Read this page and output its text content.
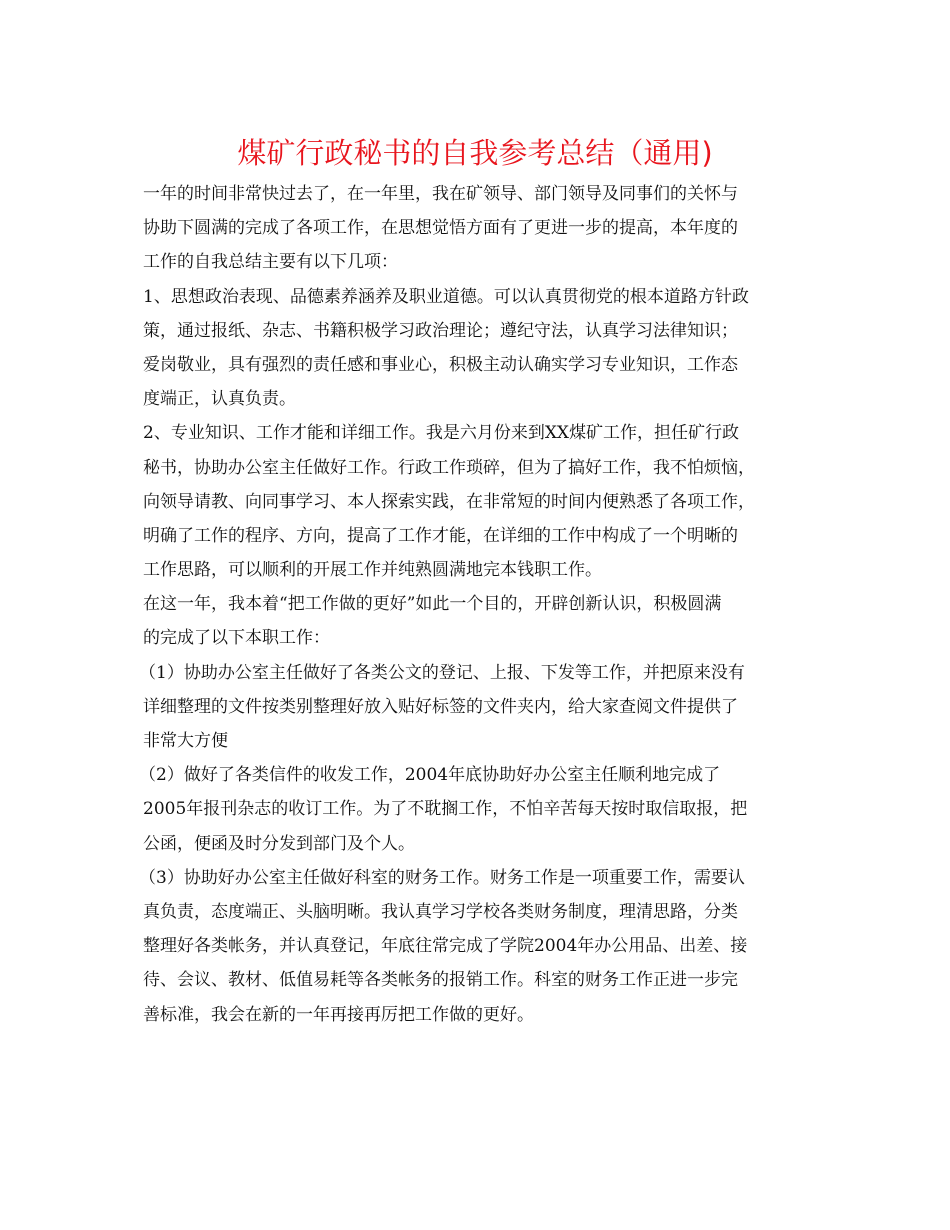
煤矿行政秘书的自我参考总结（通用)
一年的时间非常快过去了，在一年里，我在矿领导、部门领导及同事们的关怀与
协助下圆满的完成了各项工作，在思想觉悟方面有了更进一步的提高，本年度的
工作的自我总结主要有以下几项：
1、思想政治表现、品德素养涵养及职业道德。可以认真贯彻党的根本道路方针政
策，通过报纸、杂志、书籍积极学习政治理论；遵纪守法，认真学习法律知识；
爱岗敬业，具有强烈的责任感和事业心，积极主动认确实学习专业知识，工作态
度端正，认真负责。
2、专业知识、工作才能和详细工作。我是六月份来到XX煤矿工作，担任矿行政
秘书，协助办公室主任做好工作。行政工作琐碎，但为了搞好工作，我不怕烦恼，
向领导请教、向同事学习、本人探索实践，在非常短的时间内便熟悉了各项工作，
明确了工作的程序、方向，提高了工作才能，在详细的工作中构成了一个明晰的
工作思路，可以顺利的开展工作并纯熟圆满地完本钱职工作。
在这一年，我本着“把工作做的更好”如此一个目的，开辟创新认识，积极圆满
的完成了以下本职工作：
（1）协助办公室主任做好了各类公文的登记、上报、下发等工作，并把原来没有
详细整理的文件按类别整理好放入贴好标签的文件夹内，给大家查阅文件提供了
非常大方便
（2）做好了各类信件的收发工作，2004年底协助好办公室主任顺利地完成了
2005年报刊杂志的收订工作。为了不耽搁工作，不怕辛苦每天按时取信取报，把
公函，便函及时分发到部门及个人。
（3）协助好办公室主任做好科室的财务工作。财务工作是一项重要工作，需要认
真负责，态度端正、头脑明晰。我认真学习学校各类财务制度，理清思路，分类
整理好各类帐务，并认真登记，年底往常完成了学院2004年办公用品、出差、接
待、会议、教材、低值易耗等各类帐务的报销工作。科室的财务工作正进一步完
善标准，我会在新的一年再接再厉把工作做的更好。
